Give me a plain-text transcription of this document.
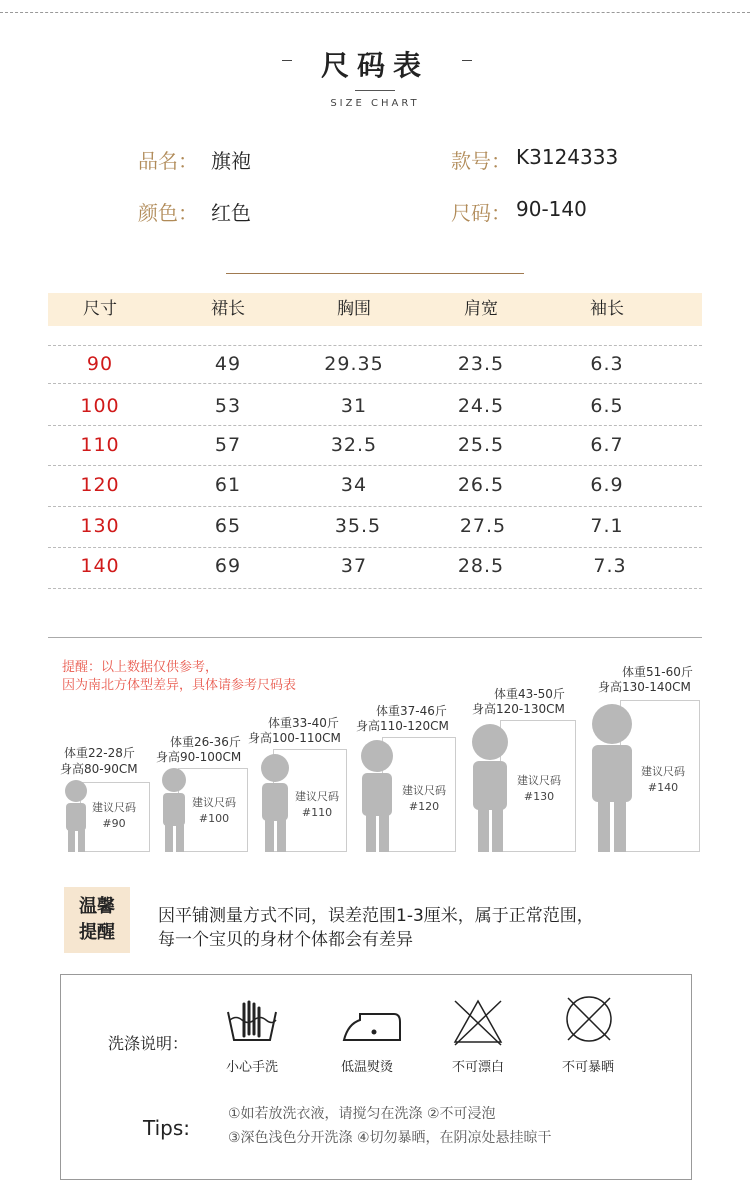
尺码表
SIZE CHART
品名： 旗袍	款号： K3124333
颜色： 红色	尺码： 90-140
尺寸	裙长	胸围	肩宽	袖长
90	49	29.35	23.5	6.3
100	53	31	24.5	6.5
110	57	32.5	25.5	6.7
120	61	34	26.5	6.9
130	65	35.5	27.5	7.1
140	69	37	28.5	7.3
提醒：以上数据仅供参考，
因为南北方体型差异，具体请参考尺码表
体重22-28斤
身高80-90CM
建议尺码
#90
体重26-36斤
身高90-100CM
建议尺码
#100
体重33-40斤
身高100-110CM
建议尺码
#110
体重37-46斤
身高110-120CM
建议尺码
#120
体重43-50斤
身高120-130CM
建议尺码
#130
体重51-60斤
身高130-140CM
建议尺码
#140
温馨
提醒
因平铺测量方式不同，误差范围1-3厘米，属于正常范围，
每一个宝贝的身材个体都会有差异
洗涤说明：
小心手洗	低温熨烫	不可漂白	不可暴晒
Tips:
①如若放洗衣液，请搅匀在洗涤 ②不可浸泡
③深色浅色分开洗涤 ④切勿暴晒，在阴凉处悬挂晾干
